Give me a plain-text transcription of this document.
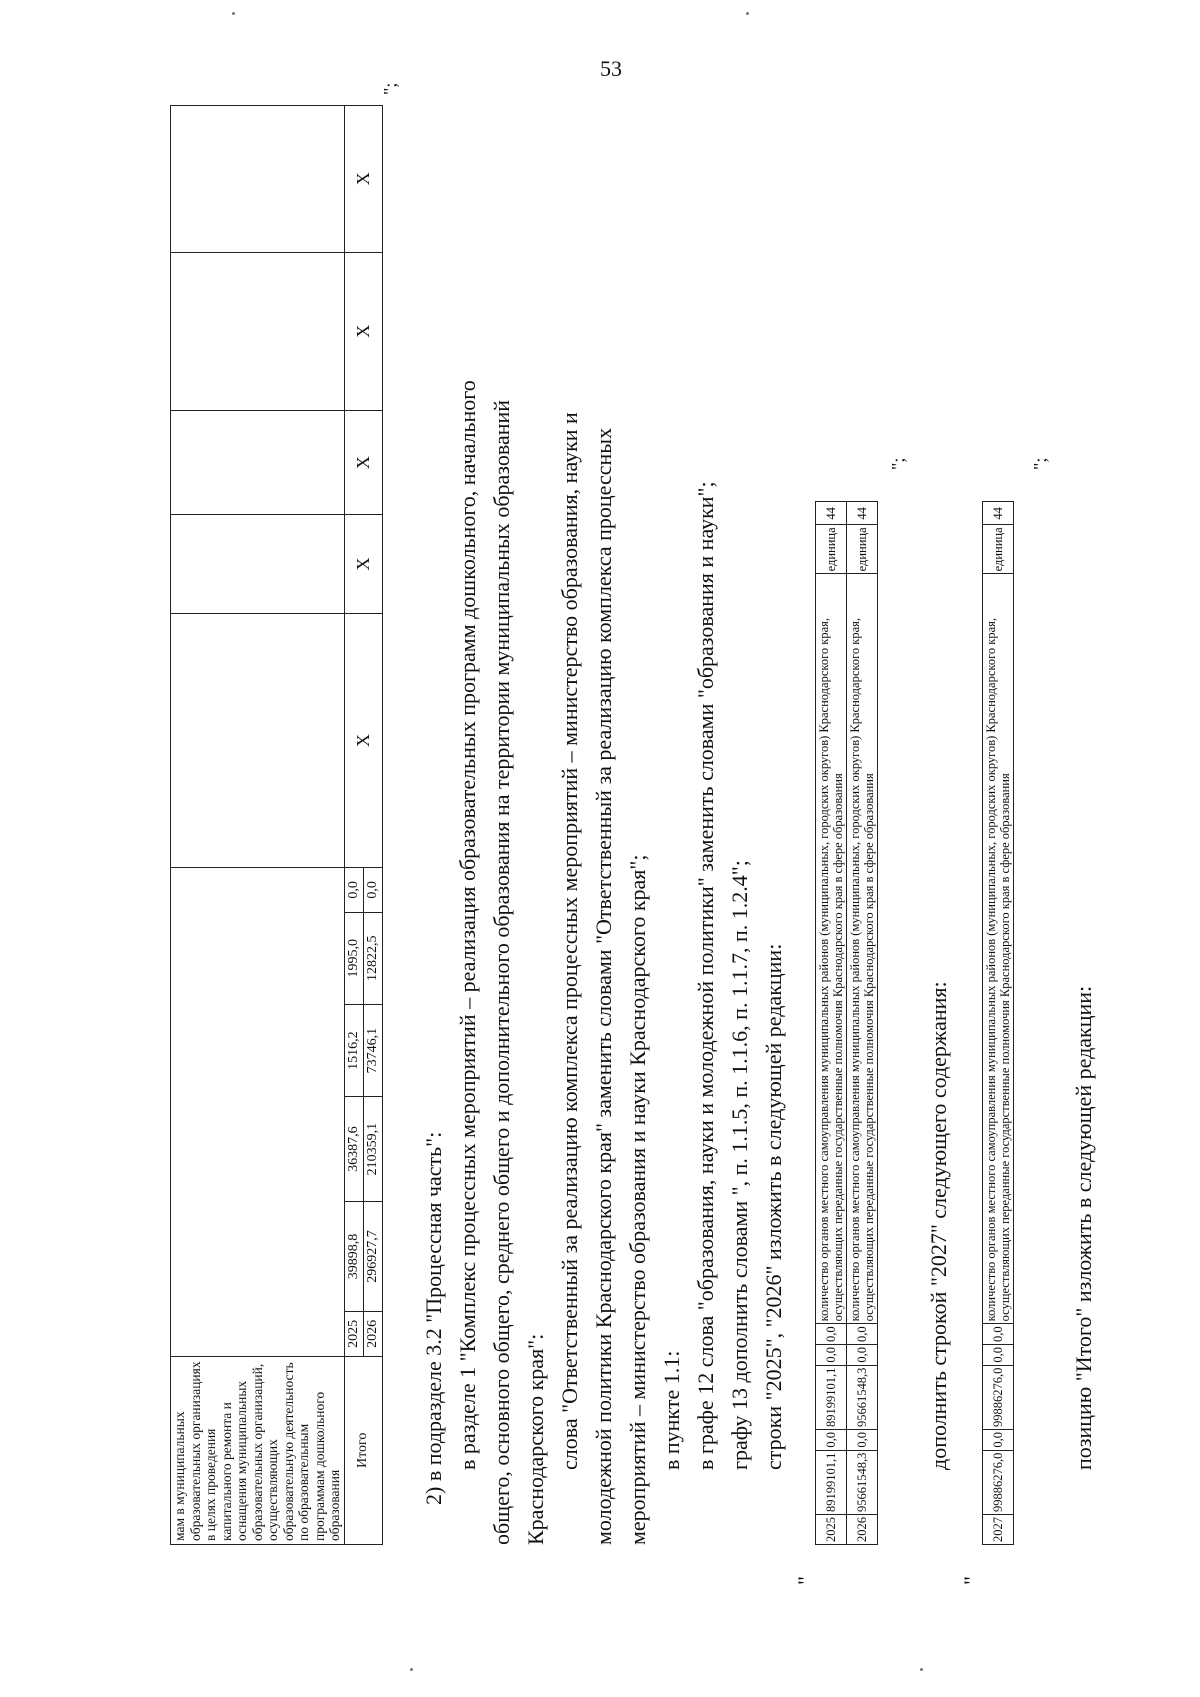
53
мам в муниципальных образовательных организациях в целях проведения капитального ремонта и оснащения муниципальных образовательных организаций, осуществляющих образовательную деятельность по образовательным программам дошкольного образования											
Итого	2025	39898,8	36387,6	1516,2	1995,0	0,0	X	X	X	X	X
	2026	296927,7	210359,1	73746,1	12822,5	0,0					
";
2) в подразделе 3.2 "Процессная часть": в разделе 1 "Комплекс процессных мероприятий – реализация образовательных программ дошкольного, начального общего, основного общего, среднего общего и дополнительного образования на территории муниципальных образований Краснодарского края": слова "Ответственный за реализацию комплекса процессных мероприятий – министерство образования, науки и молодежной политики Краснодарского края" заменить словами "Ответственный за реализацию комплекса процессных мероприятий – министерство образования и науки Краснодарского края"; в пункте 1.1: в графе 12 слова "образования, науки и молодежной политики" заменить словами "образования и науки"; графу 13 дополнить словами ", п. 1.1.5, п. 1.1.6, п. 1.1.7, п. 1.2.4"; строки "2025", "2026" изложить в следующей редакции:
"
2025	89199101,1	0,0	89199101,1	0,0	0,0	количество органов местного самоуправления муниципальных районов (муниципальных, городских округов) Краснодарского края, осуществляющих переданные государственные полномочия Краснодарского края в сфере образования	единица	44
2026	95661548,3	0,0	95661548,3	0,0	0,0	количество органов местного самоуправления муниципальных районов (муниципальных, городских округов) Краснодарского края, осуществляющих переданные государственные полномочия Краснодарского края в сфере образования	единица	44
";
дополнить строкой "2027" следующего содержания:
"
2027	99886276,0	0,0	99886276,0	0,0	0,0	количество органов местного самоуправления муниципальных районов (муниципальных, городских округов) Краснодарского края, осуществляющих переданные государственные полномочия Краснодарского края в сфере образования	единица	44
";
позицию "Итого" изложить в следующей редакции:
